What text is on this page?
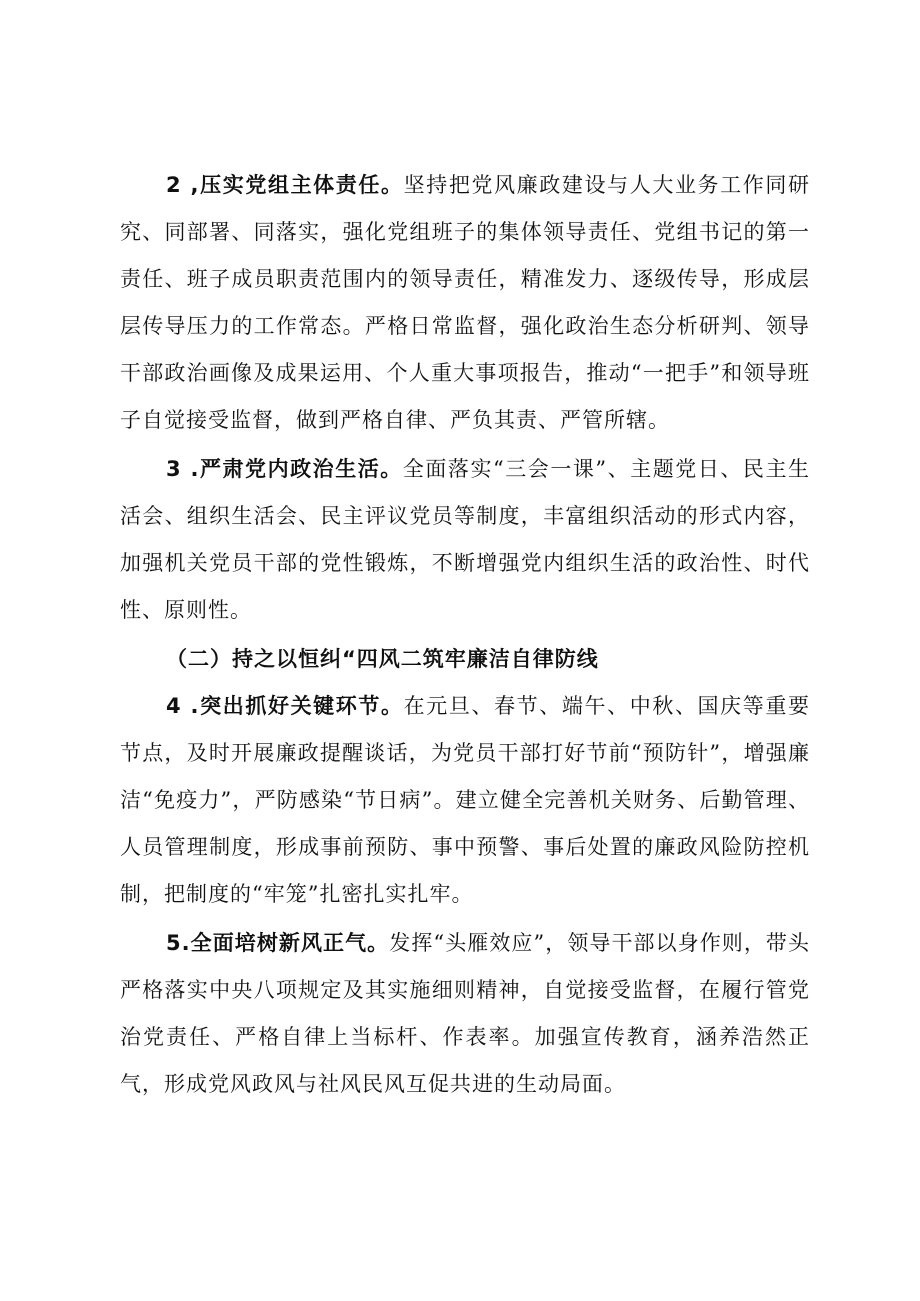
2 ,压实党组主体责任。坚持把党风廉政建设与人大业务工作同研究、同部署、同落实，强化党组班子的集体领导责任、党组书记的第一责任、班子成员职责范围内的领导责任，精准发力、逐级传导，形成层层传导压力的工作常态。严格日常监督，强化政治生态分析研判、领导干部政治画像及成果运用、个人重大事项报告，推动“一把手”和领导班子自觉接受监督，做到严格自律、严负其责、严管所辖。

3 .严肃党内政治生活。全面落实“三会一课”、主题党日、民主生活会、组织生活会、民主评议党员等制度，丰富组织活动的形式内容，加强机关党员干部的党性锻炼，不断增强党内组织生活的政治性、时代性、原则性。

（二）持之以恒纠“四风二筑牢廉洁自律防线

4 .突出抓好关键环节。在元旦、春节、端午、中秋、国庆等重要节点，及时开展廉政提醒谈话，为党员干部打好节前“预防针”，增强廉洁“免疫力”，严防感染“节日病”。建立健全完善机关财务、后勤管理、人员管理制度，形成事前预防、事中预警、事后处置的廉政风险防控机制，把制度的“牢笼”扎密扎实扎牢。

5.全面培树新风正气。发挥“头雁效应”，领导干部以身作则，带头严格落实中央八项规定及其实施细则精神，自觉接受监督，在履行管党治党责任、严格自律上当标杆、作表率。加强宣传教育，涵养浩然正气，形成党风政风与社风民风互促共进的生动局面。
